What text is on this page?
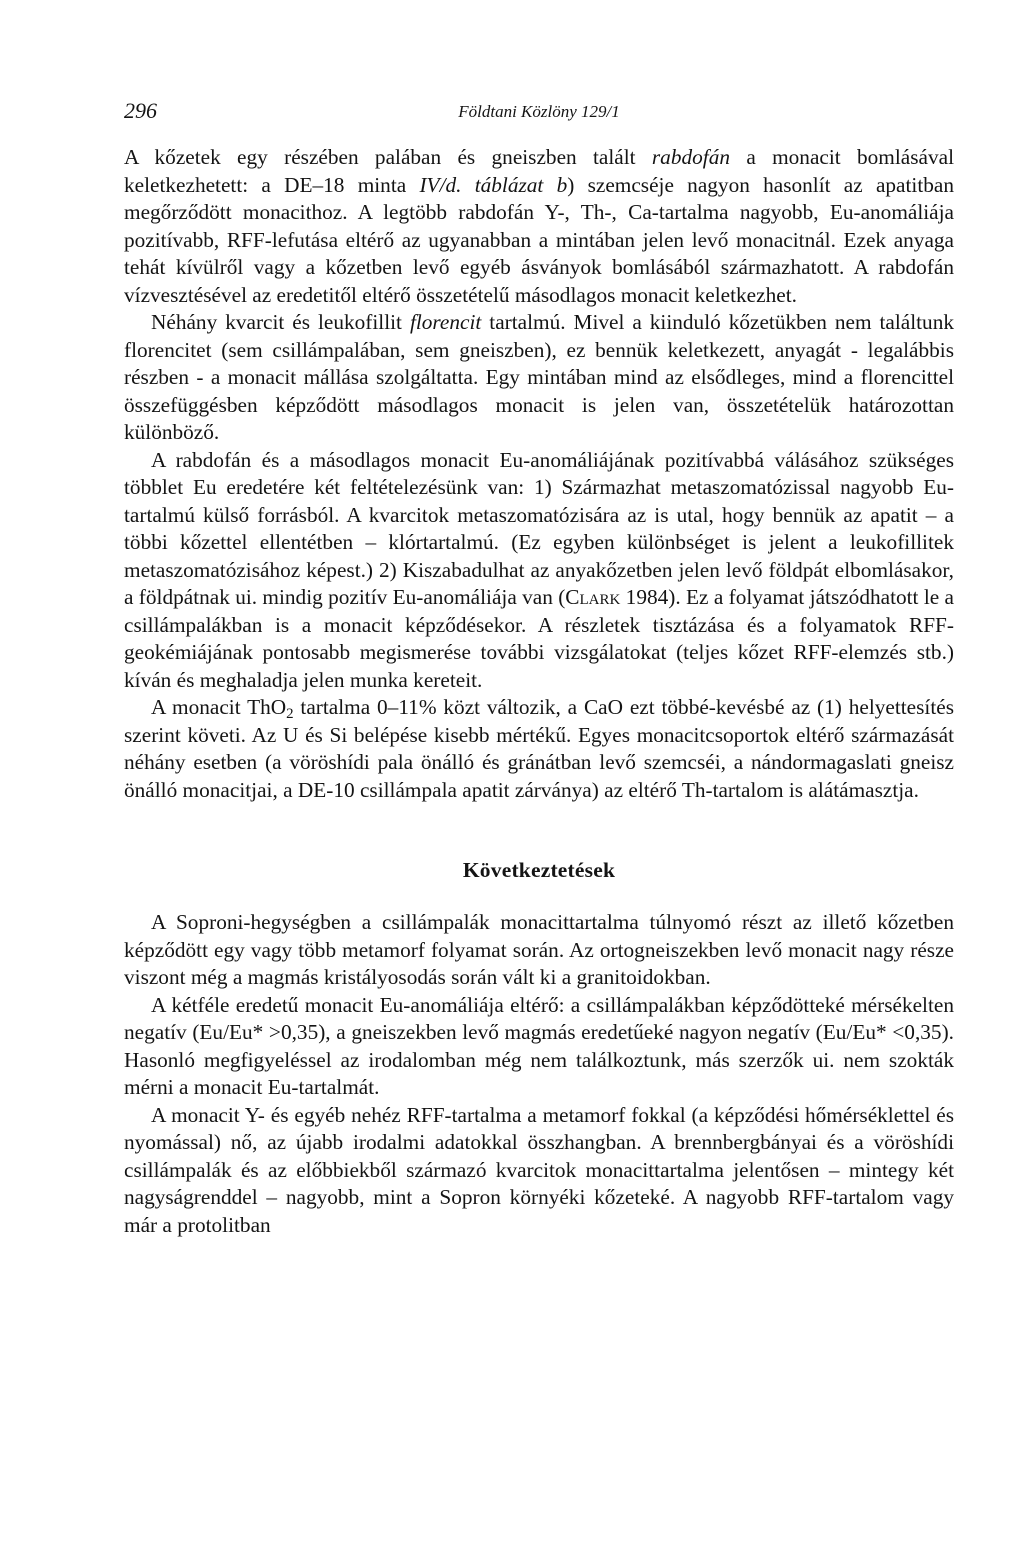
296	Földtani Közlöny 129/1

A kőzetek egy részében palában és gneiszben talált rabdofán a monacit bomlásával keletkezhetett: a DE–18 minta IV/d. táblázat b) szemcséje nagyon hasonlít az apatitban megőrződött monacithoz. A legtöbb rabdofán Y-, Th-, Ca-tartalma nagyobb, Eu-anomáliája pozitívabb, RFF-lefutása eltérő az ugyanabban a mintában jelen levő monacitnál. Ezek anyaga tehát kívülről vagy a kőzetben levő egyéb ásványok bomlásából származhatott. A rabdofán vízvesztésével az eredetitől eltérő összetételű másodlagos monacit keletkezhet.

Néhány kvarcit és leukofillit florencit tartalmú. Mivel a kiinduló kőzetükben nem találtunk florencitet (sem csillámpalában, sem gneiszben), ez bennük keletkezett, anyagát - legalábbis részben - a monacit mállása szolgáltatta. Egy mintában mind az elsődleges, mind a florencittel összefüggésben képződött másodlagos monacit is jelen van, összetételük határozottan különböző.

A rabdofán és a másodlagos monacit Eu-anomáliájának pozitívabbá válásához szükséges többlet Eu eredetére két feltételezésünk van: 1) Származhat metaszomatózissal nagyobb Eu-tartalmú külső forrásból. A kvarcitok metaszomatózisára az is utal, hogy bennük az apatit – a többi kőzettel ellentétben – klórtartalmú. (Ez egyben különbséget is jelent a leukofillitek metaszomatózisához képest.) 2) Kiszabadulhat az anyakőzetben jelen levő földpát elbomlásakor, a földpátnak ui. mindig pozitív Eu-anomáliája van (Clark 1984). Ez a folyamat játszódhatott le a csillámpalákban is a monacit képződésekor. A részletek tisztázása és a folyamatok RFF-geokémiájának pontosabb megismerése további vizsgálatokat (teljes kőzet RFF-elemzés stb.) kíván és meghaladja jelen munka kereteit.

A monacit ThO$_2$ tartalma 0–11% közt változik, a CaO ezt többé-kevésbé az (1) helyettesítés szerint követi. Az U és Si belépése kisebb mértékű. Egyes monacitcsoportok eltérő származását néhány esetben (a vöröshídi pala önálló és gránátban levő szemcséi, a nándormagaslati gneisz önálló monacitjai, a DE-10 csillámpala apatit zárványa) az eltérő Th-tartalom is alátámasztja.

Következtetések

A Soproni-hegységben a csillámpalák monacittartalma túlnyomó részt az illető kőzetben képződött egy vagy több metamorf folyamat során. Az ortogneiszekben levő monacit nagy része viszont még a magmás kristályosodás során vált ki a granitoidokban.

A kétféle eredetű monacit Eu-anomáliája eltérő: a csillámpalákban képződötteké mérsékelten negatív (Eu/Eu* >0,35), a gneiszekben levő magmás eredetűeké nagyon negatív (Eu/Eu* <0,35). Hasonló megfigyeléssel az irodalomban még nem találkoztunk, más szerzők ui. nem szokták mérni a monacit Eu-tartalmát.

A monacit Y- és egyéb nehéz RFF-tartalma a metamorf fokkal (a képződési hőmérséklettel és nyomással) nő, az újabb irodalmi adatokkal összhangban. A brennbergbányai és a vöröshídi csillámpalák és az előbbiekből származó kvarcitok monacittartalma jelentősen – mintegy két nagyságrenddel – nagyobb, mint a Sopron környéki kőzeteké. A nagyobb RFF-tartalom vagy már a protolitban
